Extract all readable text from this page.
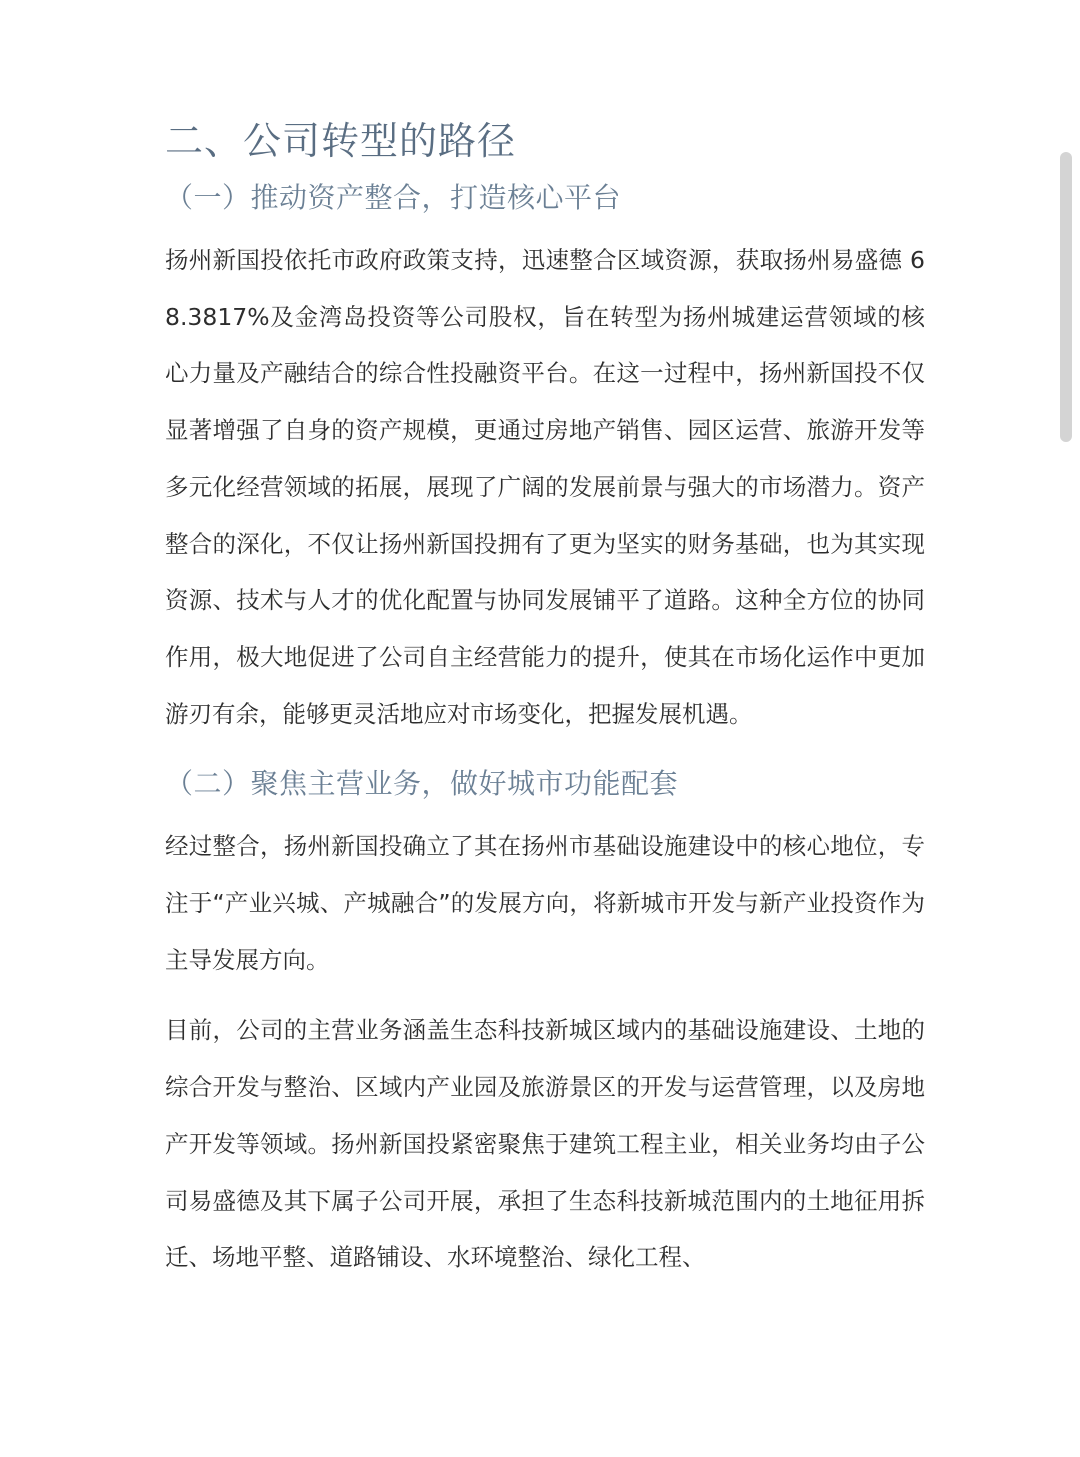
二、公司转型的路径
（一）推动资产整合，打造核心平台

扬州新国投依托市政府政策支持，迅速整合区域资源，获取扬州易盛德 68.3817%及金湾岛投资等公司股权，旨在转型为扬州城建运营领域的核心力量及产融结合的综合性投融资平台。在这一过程中，扬州新国投不仅显著增强了自身的资产规模，更通过房地产销售、园区运营、旅游开发等多元化经营领域的拓展，展现了广阔的发展前景与强大的市场潜力。资产整合的深化，不仅让扬州新国投拥有了更为坚实的财务基础，也为其实现资源、技术与人才的优化配置与协同发展铺平了道路。这种全方位的协同作用，极大地促进了公司自主经营能力的提升，使其在市场化运作中更加游刃有余，能够更灵活地应对市场变化，把握发展机遇。

（二）聚焦主营业务，做好城市功能配套

经过整合，扬州新国投确立了其在扬州市基础设施建设中的核心地位，专注于“产业兴城、产城融合”的发展方向，将新城市开发与新产业投资作为主导发展方向。

目前，公司的主营业务涵盖生态科技新城区域内的基础设施建设、土地的综合开发与整治、区域内产业园及旅游景区的开发与运营管理，以及房地产开发等领域。扬州新国投紧密聚焦于建筑工程主业，相关业务均由子公司易盛德及其下属子公司开展，承担了生态科技新城范围内的土地征用拆迁、场地平整、道路铺设、水环境整治、绿化工程、
